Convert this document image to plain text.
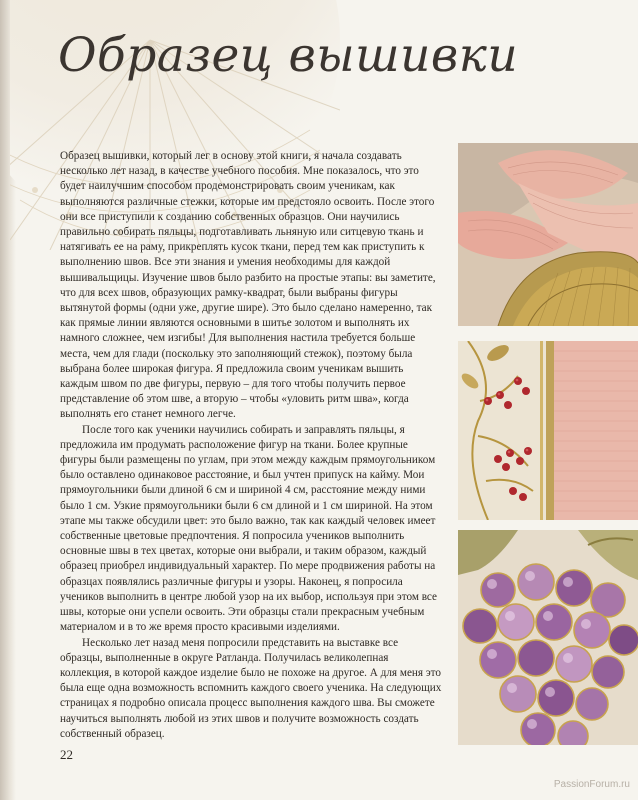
Образец вышивки

Образец вышивки, который лег в основу этой книги, я начала создавать несколько лет назад, в качестве учебного пособия. Мне показалось, что это будет наилучшим способом продемонстрировать своим ученикам, как выполняются различные стежки, которые им предстояло освоить. После этого они все приступили к созданию собственных образцов. Они научились правильно собирать пяльцы, подготавливать льняную или ситцевую ткань и натягивать ее на раму, прикреплять кусок ткани, перед тем как приступить к выполнению швов. Все эти знания и умения необходимы для каждой вышивальщицы. Изучение швов было разбито на простые этапы: вы заметите, что для всех швов, образующих рамку-квадрат, были выбраны фигуры вытянутой формы (одни уже, другие шире). Это было сделано намеренно, так как прямые линии являются основными в шитье золотом и выполнять их намного сложнее, чем изгибы! Для выполнения настила требуется больше места, чем для глади (поскольку это заполняющий стежок), поэтому была выбрана более широкая фигура. Я предложила своим ученикам вышить каждым швом по две фигуры, первую – для того чтобы получить первое представление об этом шве, а вторую – чтобы «уловить ритм шва», когда выполнять его станет немного легче.

После того как ученики научились собирать и заправлять пяльцы, я предложила им продумать расположение фигур на ткани. Более крупные фигуры были размещены по углам, при этом между каждым прямоугольником было оставлено одинаковое расстояние, и был учтен припуск на кайму. Мои прямоугольники были длиной 6 см и шириной 4 см, расстояние между ними было 1 см. Узкие прямоугольники были 6 см длиной и 1 см шириной. На этом этапе мы также обсудили цвет: это было важно, так как каждый человек имеет собственные цветовые предпочтения. Я попросила учеников выполнить основные швы в тех цветах, которые они выбрали, и таким образом, каждый образец приобрел индивидуальный характер. По мере продвижения работы на образцах появлялись различные фигуры и узоры. Наконец, я попросила учеников выполнить в центре любой узор на их выбор, используя при этом все швы, которые они успели освоить. Эти образцы стали прекрасным учебным материалом и в то же время просто красивыми изделиями.

Несколько лет назад меня попросили представить на выставке все образцы, выполненные в округе Ратланда. Получилась великолепная коллекция, в которой каждое изделие было не похоже на другое. А для меня это была еще одна возможность вспомнить каждого своего ученика. На следующих страницах я подробно описала процесс выполнения каждого шва. Вы сможете научиться выполнять любой из этих швов и получите возможность создать собственный образец.

22
PassionForum.ru
